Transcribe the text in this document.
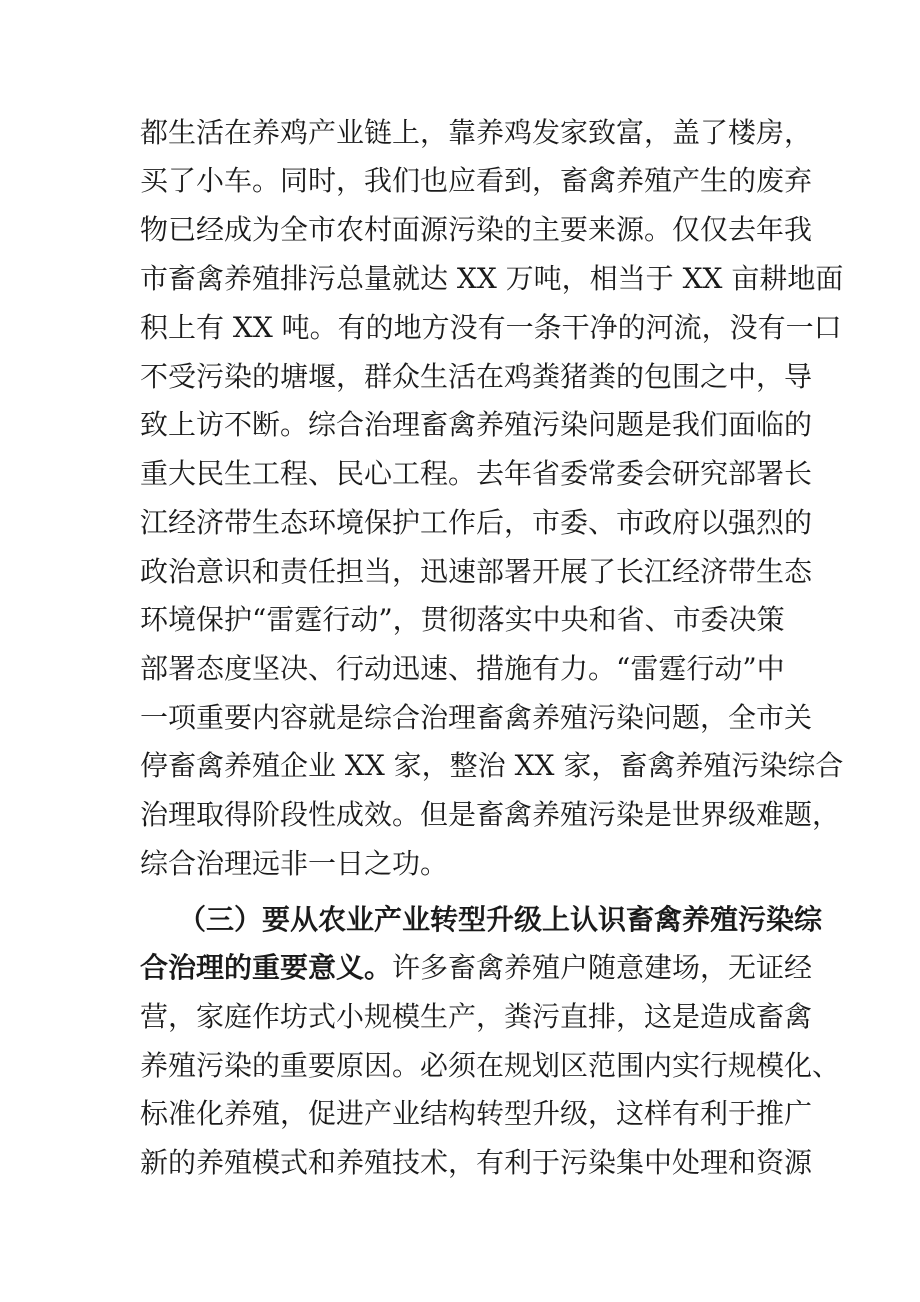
都生活在养鸡产业链上，靠养鸡发家致富，盖了楼房，
买了小车。同时，我们也应看到，畜禽养殖产生的废弃
物已经成为全市农村面源污染的主要来源。仅仅去年我
市畜禽养殖排污总量就达 XX 万吨，相当于 XX 亩耕地面
积上有 XX 吨。有的地方没有一条干净的河流，没有一口
不受污染的塘堰，群众生活在鸡粪猪粪的包围之中，导
致上访不断。综合治理畜禽养殖污染问题是我们面临的
重大民生工程、民心工程。去年省委常委会研究部署长
江经济带生态环境保护工作后，市委、市政府以强烈的
政治意识和责任担当，迅速部署开展了长江经济带生态
环境保护“雷霆行动”，贯彻落实中央和省、市委决策
部署态度坚决、行动迅速、措施有力。“雷霆行动”中
一项重要内容就是综合治理畜禽养殖污染问题，全市关
停畜禽养殖企业 XX 家，整治 XX 家，畜禽养殖污染综合
治理取得阶段性成效。但是畜禽养殖污染是世界级难题，
综合治理远非一日之功。
（三）要从农业产业转型升级上认识畜禽养殖污染综
合治理的重要意义。许多畜禽养殖户随意建场，无证经
营，家庭作坊式小规模生产，粪污直排，这是造成畜禽
养殖污染的重要原因。必须在规划区范围内实行规模化、
标准化养殖，促进产业结构转型升级，这样有利于推广
新的养殖模式和养殖技术，有利于污染集中处理和资源
